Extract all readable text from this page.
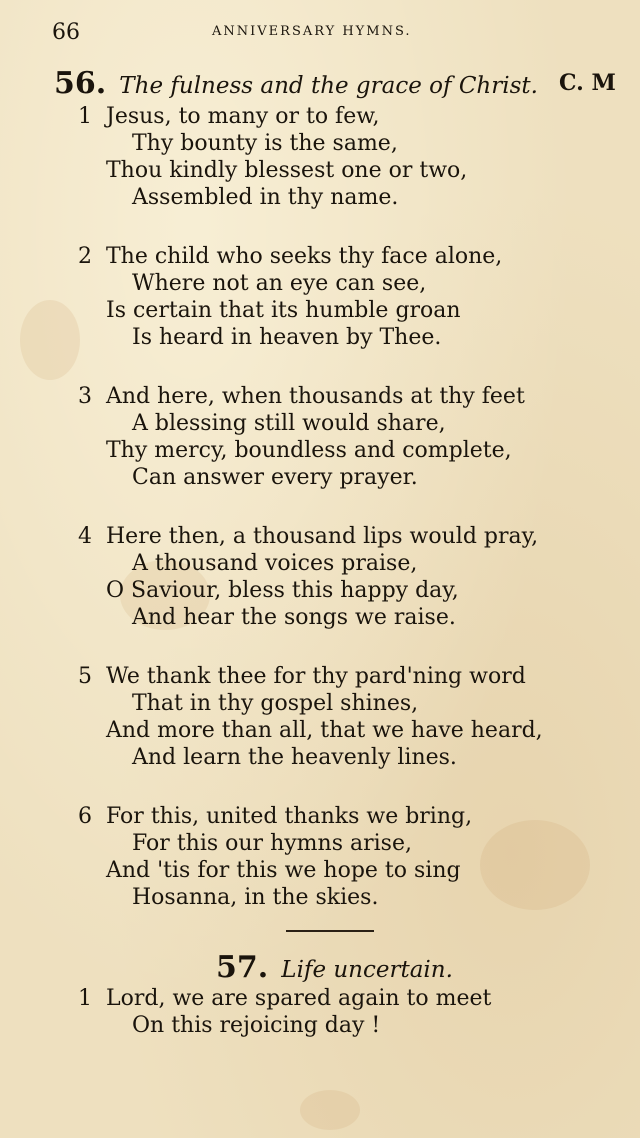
66	ANNIVERSARY HYMNS.
56. The fulness and the grace of Christ. C. M
1 Jesus, to many or to few,
Thy bounty is the same,
Thou kindly blessest one or two,
Assembled in thy name.
2 The child who seeks thy face alone,
Where not an eye can see,
Is certain that its humble groan
Is heard in heaven by Thee.
3 And here, when thousands at thy feet
A blessing still would share,
Thy mercy, boundless and complete,
Can answer every prayer.
4 Here then, a thousand lips would pray,
A thousand voices praise,
O Saviour, bless this happy day,
And hear the songs we raise.
5 We thank thee for thy pard'ning word
That in thy gospel shines,
And more than all, that we have heard,
And learn the heavenly lines.
6 For this, united thanks we bring,
For this our hymns arise,
And 'tis for this we hope to sing
Hosanna, in the skies.
57. Life uncertain.
1 Lord, we are spared again to meet
On this rejoicing day !
